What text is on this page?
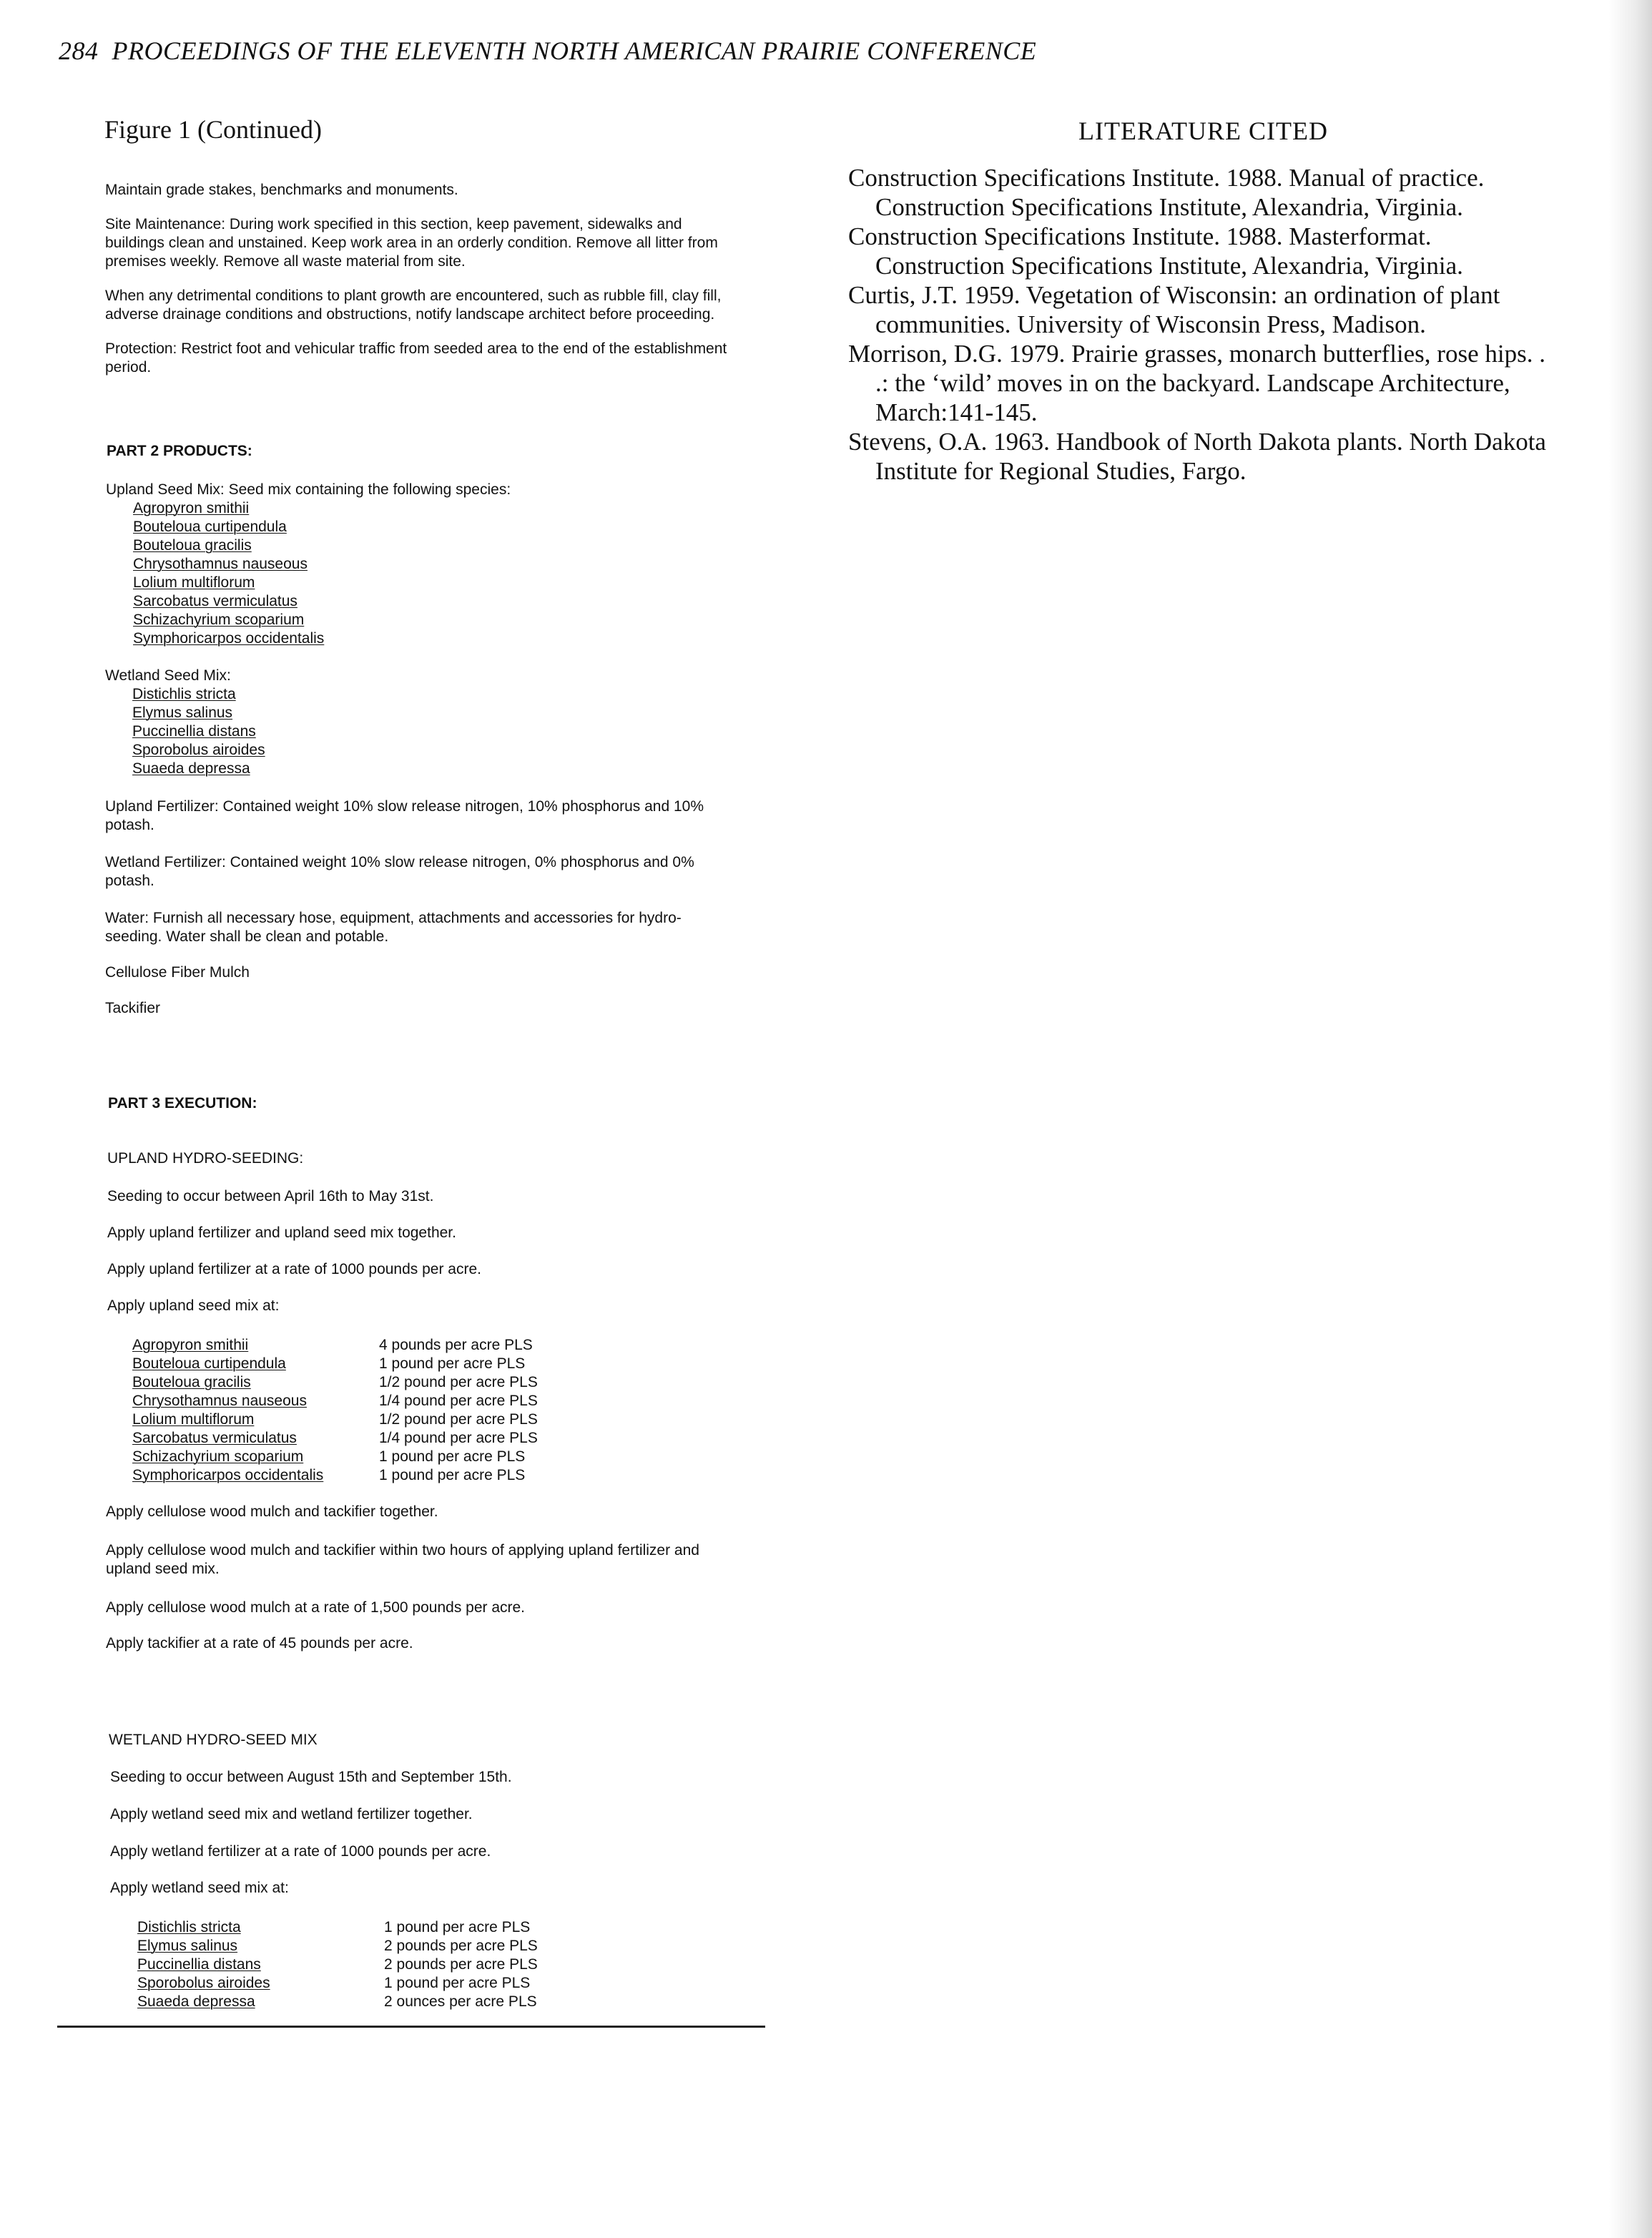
284 PROCEEDINGS OF THE ELEVENTH NORTH AMERICAN PRAIRIE CONFERENCE
Figure 1 (Continued)

Maintain grade stakes, benchmarks and monuments.

Site Maintenance: During work specified in this section, keep pavement, sidewalks and buildings clean and unstained. Keep work area in an orderly condition. Remove all litter from premises weekly. Remove all waste material from site.

When any detrimental conditions to plant growth are encountered, such as rubble fill, clay fill, adverse drainage conditions and obstructions, notify landscape architect before proceeding.

Protection: Restrict foot and vehicular traffic from seeded area to the end of the establishment period.

PART 2 PRODUCTS:

Upland Seed Mix: Seed mix containing the following species:

Agropyron smithii
Bouteloua curtipendula
Bouteloua gracilis
Chrysothamnus nauseous
Lolium multiflorum
Sarcobatus vermiculatus
Schizachyrium scoparium
Symphoricarpos occidentalis

Wetland Seed Mix:

Distichlis stricta
Elymus salinus
Puccinellia distans
Sporobolus airoides
Suaeda depressa

Upland Fertilizer: Contained weight 10% slow release nitrogen, 10% phosphorus and 10% potash.

Wetland Fertilizer: Contained weight 10% slow release nitrogen, 0% phosphorus and 0% potash.

Water: Furnish all necessary hose, equipment, attachments and accessories for hydro-seeding. Water shall be clean and potable.

Cellulose Fiber Mulch

Tackifier

PART 3 EXECUTION:
UPLAND HYDRO-SEEDING:
Seeding to occur between April 16th to May 31st.
Apply upland fertilizer and upland seed mix together.
Apply upland fertilizer at a rate of 1000 pounds per acre.
Apply upland seed mix at:
Agropyron smithii	4 pounds per acre PLS
Bouteloua curtipendula	1 pound per acre PLS
Bouteloua gracilis	1/2 pound per acre PLS
Chrysothamnus nauseous	1/4 pound per acre PLS
Lolium multiflorum	1/2 pound per acre PLS
Sarcobatus vermiculatus	1/4 pound per acre PLS
Schizachyrium scoparium	1 pound per acre PLS
Symphoricarpos occidentalis	1 pound per acre PLS
Apply cellulose wood mulch and tackifier together.
Apply cellulose wood mulch and tackifier within two hours of applying upland fertilizer and upland seed mix.
Apply cellulose wood mulch at a rate of 1,500 pounds per acre.
Apply tackifier at a rate of 45 pounds per acre.
WETLAND HYDRO-SEED MIX
Seeding to occur between August 15th and September 15th.
Apply wetland seed mix and wetland fertilizer together.
Apply wetland fertilizer at a rate of 1000 pounds per acre.
Apply wetland seed mix at:
Distichlis stricta	1 pound per acre PLS
Elymus salinus	2 pounds per acre PLS
Puccinellia distans	2 pounds per acre PLS
Sporobolus airoides	1 pound per acre PLS
Suaeda depressa	2 ounces per acre PLS
LITERATURE CITED

Construction Specifications Institute. 1988. Manual of practice. Construction Specifications Institute, Alexandria, Virginia.

Construction Specifications Institute. 1988. Masterformat. Construction Specifications Institute, Alexandria, Virginia.

Curtis, J.T. 1959. Vegetation of Wisconsin: an ordination of plant communities. University of Wisconsin Press, Madison.

Morrison, D.G. 1979. Prairie grasses, monarch butterflies, rose hips. . .: the ‘wild’ moves in on the backyard. Landscape Architecture, March:141-145.

Stevens, O.A. 1963. Handbook of North Dakota plants. North Dakota Institute for Regional Studies, Fargo.
